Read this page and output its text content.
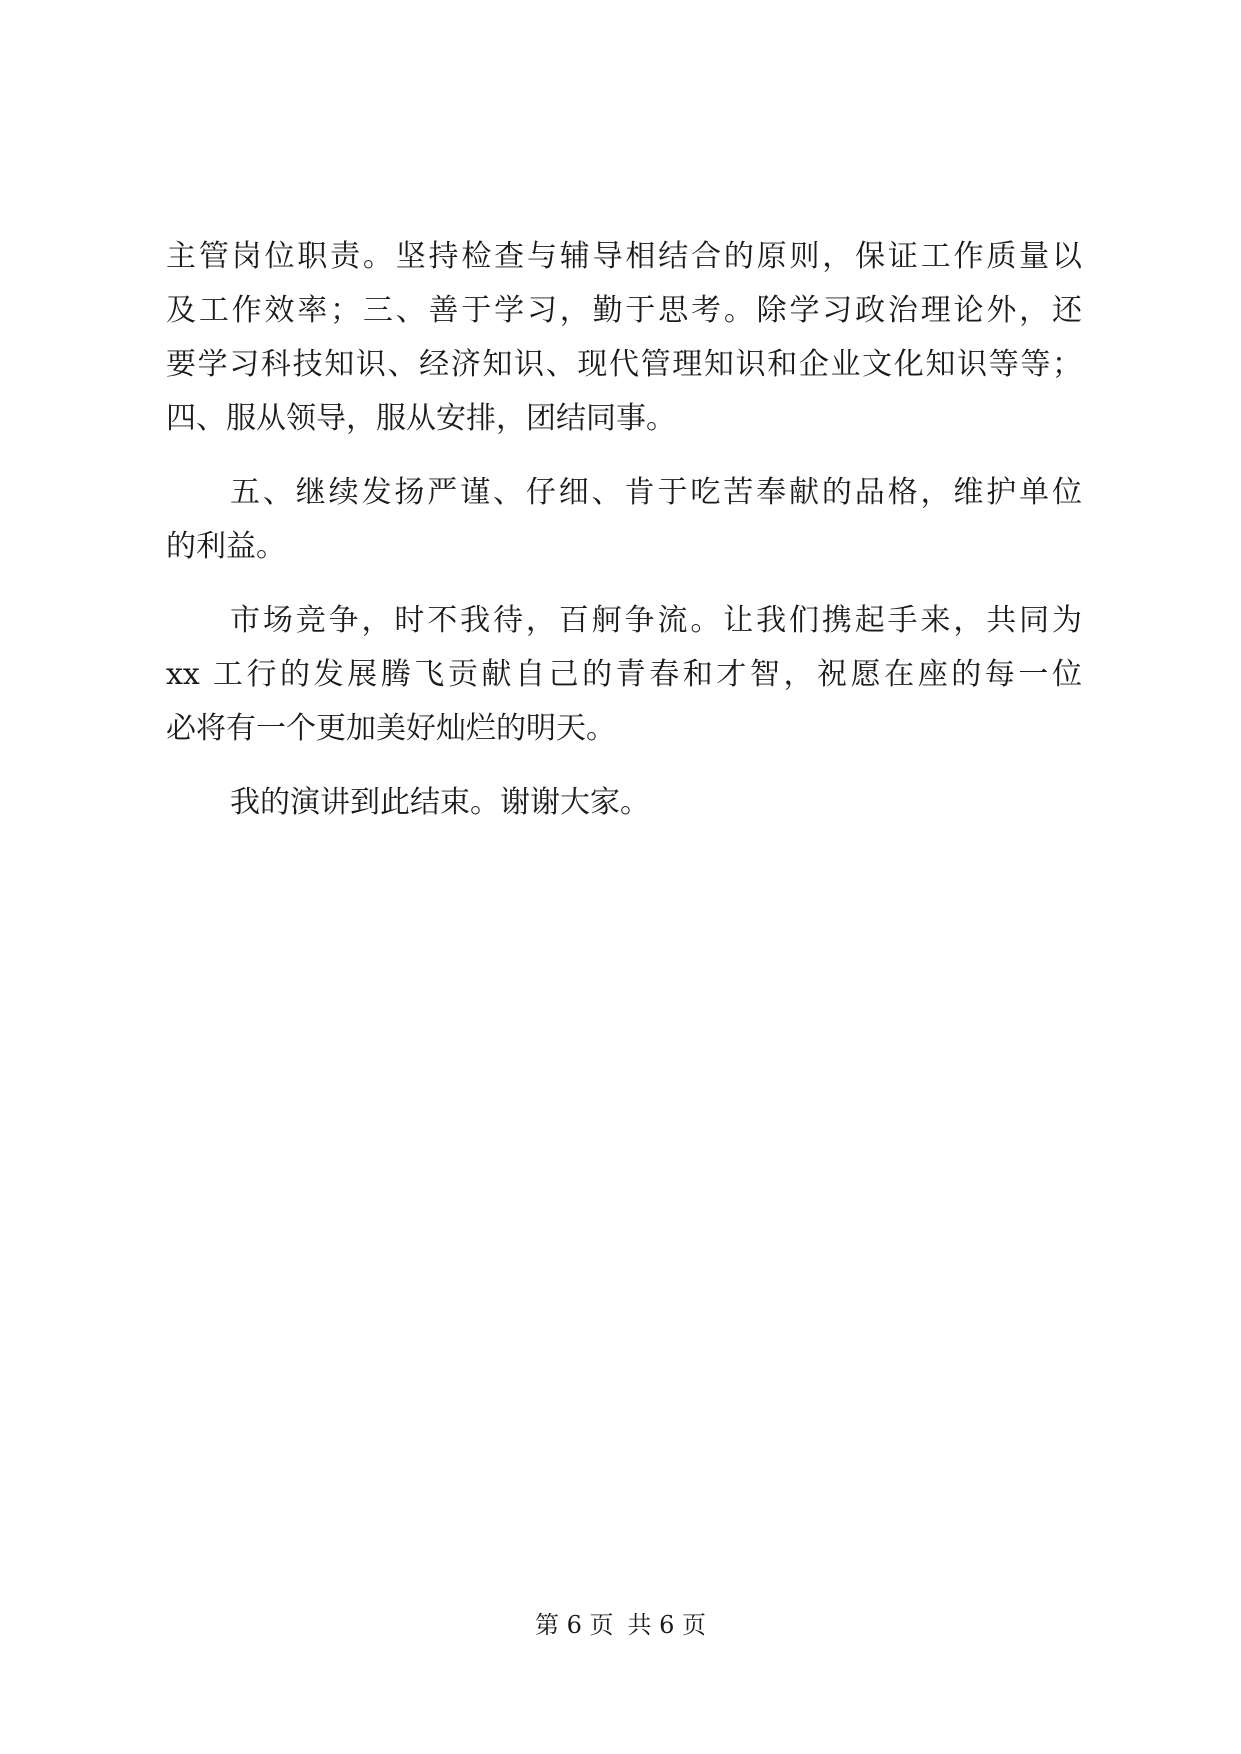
主管岗位职责。坚持检查与辅导相结合的原则，保证工作质量以
及工作效率；三、善于学习，勤于思考。除学习政治理论外，还
要学习科技知识、经济知识、现代管理知识和企业文化知识等等；
四、服从领导，服从安排，团结同事。
五、继续发扬严谨、仔细、肯于吃苦奉献的品格，维护单位
的利益。
市场竞争，时不我待，百舸争流。让我们携起手来，共同为
xx 工行的发展腾飞贡献自己的青春和才智，祝愿在座的每一位
必将有一个更加美好灿烂的明天。
我的演讲到此结束。谢谢大家。
第 6 页 共 6 页
